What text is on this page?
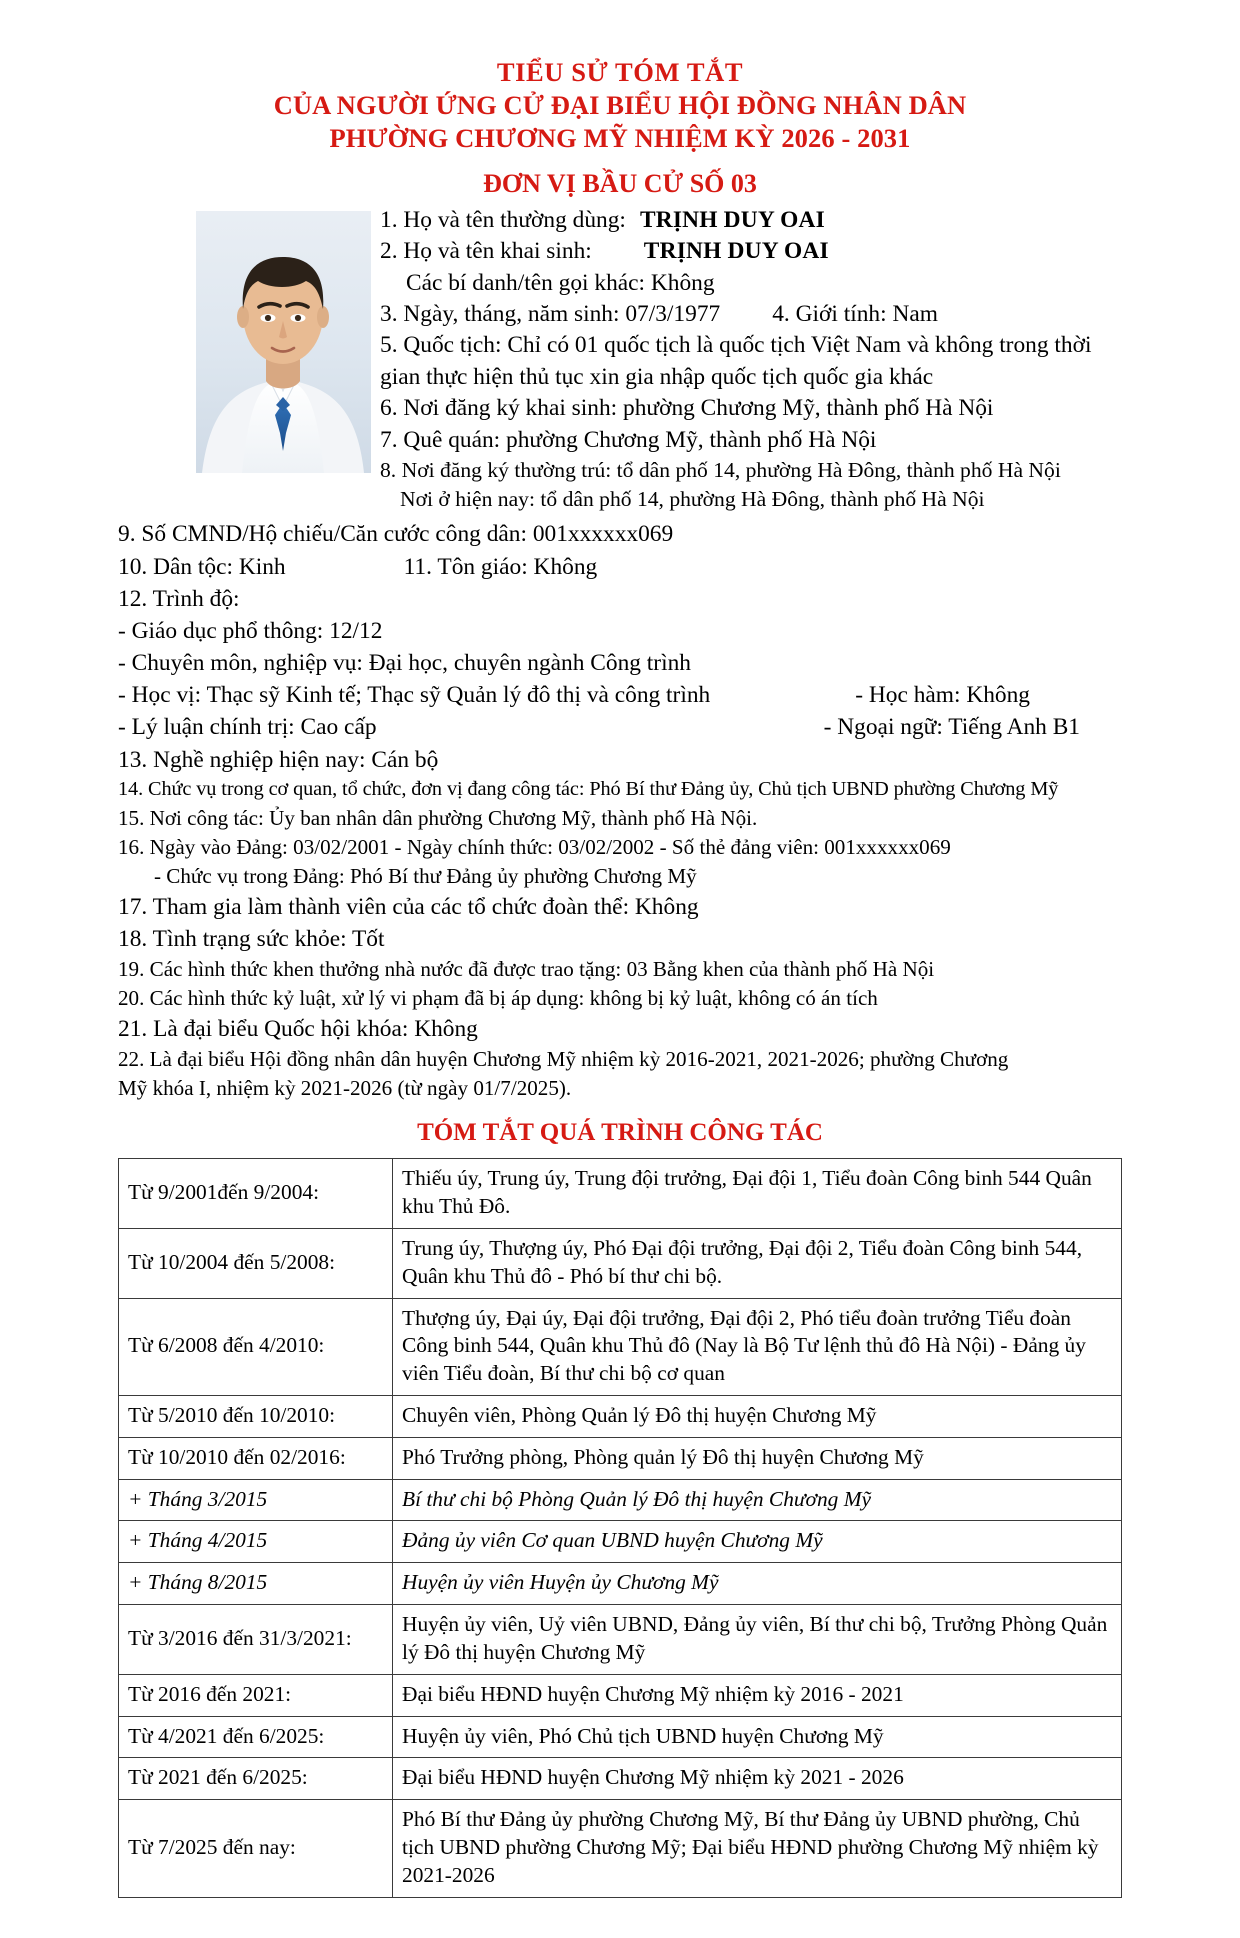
TIỂU SỬ TÓM TẮT
CỦA NGƯỜI ỨNG CỬ ĐẠI BIỂU HỘI ĐỒNG NHÂN DÂN
PHƯỜNG CHƯƠNG MỸ NHIỆM KỲ 2026 - 2031
ĐƠN VỊ BẦU CỬ SỐ 03
1. Họ và tên thường dùng: TRỊNH DUY OAI
2. Họ và tên khai sinh: TRỊNH DUY OAI
Các bí danh/tên gọi khác: Không
3. Ngày, tháng, năm sinh: 07/3/1977 4. Giới tính: Nam
5. Quốc tịch: Chỉ có 01 quốc tịch là quốc tịch Việt Nam và không trong thời
gian thực hiện thủ tục xin gia nhập quốc tịch quốc gia khác
6. Nơi đăng ký khai sinh: phường Chương Mỹ, thành phố Hà Nội
7. Quê quán: phường Chương Mỹ, thành phố Hà Nội
8. Nơi đăng ký thường trú: tổ dân phố 14, phường Hà Đông, thành phố Hà Nội
Nơi ở hiện nay: tổ dân phố 14, phường Hà Đông, thành phố Hà Nội
9. Số CMND/Hộ chiếu/Căn cước công dân: 001xxxxxx069
10. Dân tộc: Kinh	11. Tôn giáo: Không
12. Trình độ:
- Giáo dục phổ thông: 12/12
- Chuyên môn, nghiệp vụ: Đại học, chuyên ngành Công trình
- Học vị: Thạc sỹ Kinh tế; Thạc sỹ Quản lý đô thị và công trình	- Học hàm: Không
- Lý luận chính trị: Cao cấp	- Ngoại ngữ: Tiếng Anh B1
13. Nghề nghiệp hiện nay: Cán bộ
14. Chức vụ trong cơ quan, tổ chức, đơn vị đang công tác: Phó Bí thư Đảng ủy, Chủ tịch UBND phường Chương Mỹ
15. Nơi công tác: Ủy ban nhân dân phường Chương Mỹ, thành phố Hà Nội.
16. Ngày vào Đảng: 03/02/2001 - Ngày chính thức: 03/02/2002 - Số thẻ đảng viên: 001xxxxxx069
- Chức vụ trong Đảng: Phó Bí thư Đảng ủy phường Chương Mỹ
17. Tham gia làm thành viên của các tổ chức đoàn thể: Không
18. Tình trạng sức khỏe: Tốt
19. Các hình thức khen thưởng nhà nước đã được trao tặng: 03 Bằng khen của thành phố Hà Nội
20. Các hình thức kỷ luật, xử lý vi phạm đã bị áp dụng: không bị kỷ luật, không có án tích
21. Là đại biểu Quốc hội khóa: Không
22. Là đại biểu Hội đồng nhân dân huyện Chương Mỹ nhiệm kỳ 2016-2021, 2021-2026; phường Chương
Mỹ khóa I, nhiệm kỳ 2021-2026 (từ ngày 01/7/2025).
TÓM TẮT QUÁ TRÌNH CÔNG TÁC
Từ 9/2001đến 9/2004:	Thiếu úy, Trung úy, Trung đội trưởng, Đại đội 1, Tiểu đoàn Công binh 544 Quân khu Thủ Đô.
Từ 10/2004 đến 5/2008:	Trung úy, Thượng úy, Phó Đại đội trưởng, Đại đội 2, Tiểu đoàn Công binh 544, Quân khu Thủ đô - Phó bí thư chi bộ.
Từ 6/2008 đến 4/2010:	Thượng úy, Đại úy, Đại đội trưởng, Đại đội 2, Phó tiểu đoàn trưởng Tiểu đoàn Công binh 544, Quân khu Thủ đô (Nay là Bộ Tư lệnh thủ đô Hà Nội) - Đảng ủy viên Tiểu đoàn, Bí thư chi bộ cơ quan
Từ 5/2010 đến 10/2010:	Chuyên viên, Phòng Quản lý Đô thị huyện Chương Mỹ
Từ 10/2010 đến 02/2016:	Phó Trưởng phòng, Phòng quản lý Đô thị huyện Chương Mỹ
+ Tháng 3/2015	Bí thư chi bộ Phòng Quản lý Đô thị huyện Chương Mỹ
+ Tháng 4/2015	Đảng ủy viên Cơ quan UBND huyện Chương Mỹ
+ Tháng 8/2015	Huyện ủy viên Huyện ủy Chương Mỹ
Từ 3/2016 đến 31/3/2021:	Huyện ủy viên, Uỷ viên UBND, Đảng ủy viên, Bí thư chi bộ, Trưởng Phòng Quản lý Đô thị huyện Chương Mỹ
Từ 2016 đến 2021:	Đại biểu HĐND huyện Chương Mỹ nhiệm kỳ 2016 - 2021
Từ 4/2021 đến 6/2025:	Huyện ủy viên, Phó Chủ tịch UBND huyện Chương Mỹ
Từ 2021 đến 6/2025:	Đại biểu HĐND huyện Chương Mỹ nhiệm kỳ 2021 - 2026
Từ 7/2025 đến nay:	Phó Bí thư Đảng ủy phường Chương Mỹ, Bí thư Đảng ủy UBND phường, Chủ tịch UBND phường Chương Mỹ; Đại biểu HĐND phường Chương Mỹ nhiệm kỳ 2021-2026
